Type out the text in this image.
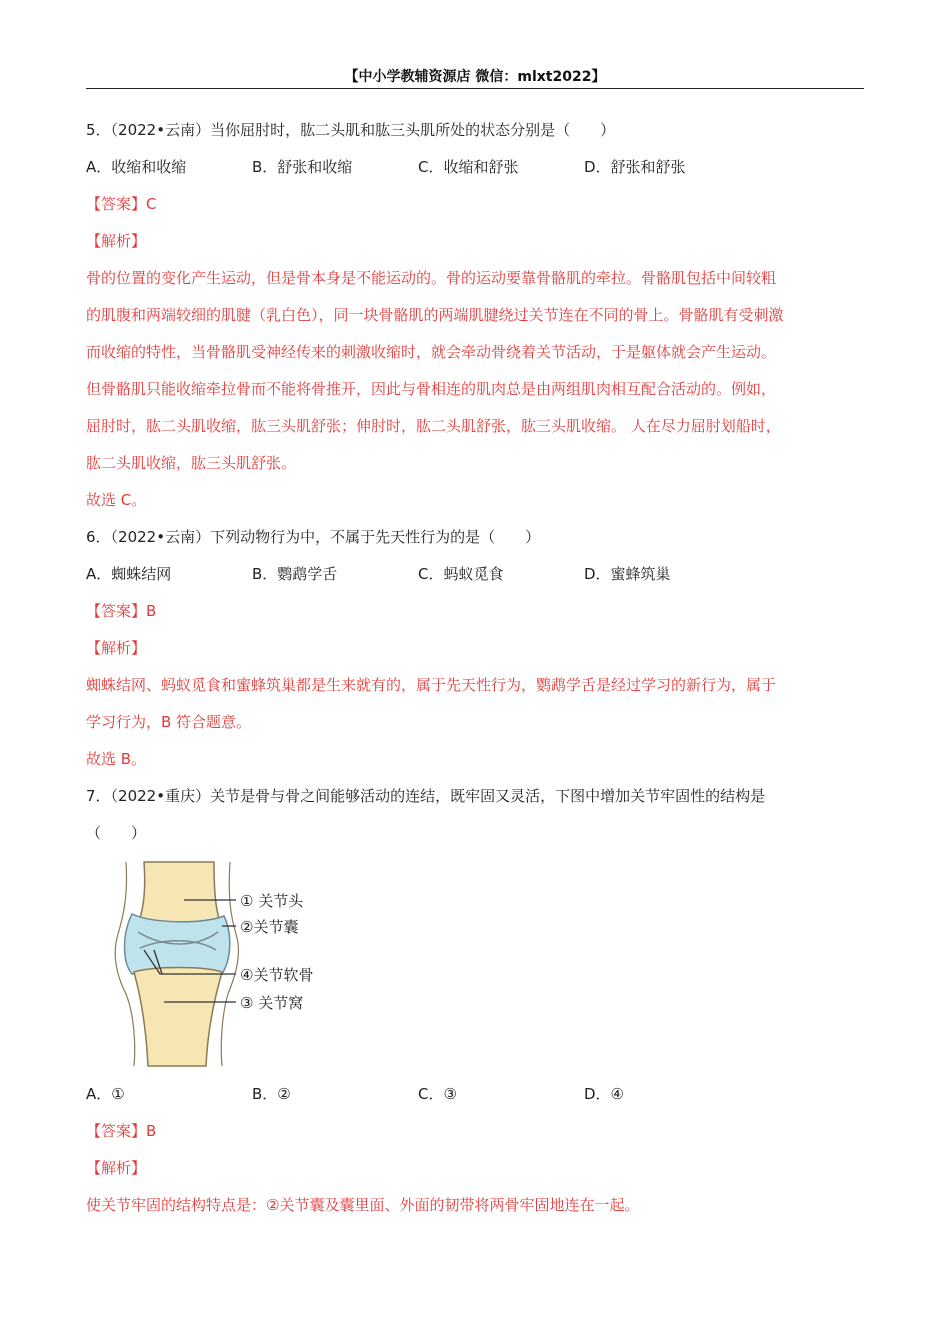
【中小学教辅资源店 微信：mlxt2022】
5．（2022•云南）当你屈肘时，肱二头肌和肱三头肌所处的状态分别是（　　）
A．收缩和收缩	B．舒张和收缩	C．收缩和舒张	D．舒张和舒张
【答案】C
【解析】
骨的位置的变化产生运动，但是骨本身是不能运动的。骨的运动要靠骨骼肌的牵拉。骨骼肌包括中间较粗
的肌腹和两端较细的肌腱（乳白色），同一块骨骼肌的两端肌腱绕过关节连在不同的骨上。骨骼肌有受刺激
而收缩的特性，当骨骼肌受神经传来的刺激收缩时，就会牵动骨绕着关节活动，于是躯体就会产生运动。
但骨骼肌只能收缩牵拉骨而不能将骨推开，因此与骨相连的肌肉总是由两组肌肉相互配合活动的。例如，
屈肘时，肱二头肌收缩，肱三头肌舒张；伸肘时，肱二头肌舒张，肱三头肌收缩。 人在尽力屈肘划船时，
肱二头肌收缩，肱三头肌舒张。
故选 C。
6．（2022•云南）下列动物行为中，不属于先天性行为的是（　　）
A．蜘蛛结网	B．鹦鹉学舌	C．蚂蚁觅食	D．蜜蜂筑巢
【答案】B
【解析】
蜘蛛结网、蚂蚁觅食和蜜蜂筑巢都是生来就有的，属于先天性行为，鹦鹉学舌是经过学习的新行为，属于
学习行为，B 符合题意。
故选 B。
7．（2022•重庆）关节是骨与骨之间能够活动的连结，既牢固又灵活，下图中增加关节牢固性的结构是
（　　）
① 关节头
②关节囊
④关节软骨
③ 关节窝
A．①	B．②	C．③	D．④
【答案】B
【解析】
使关节牢固的结构特点是：②关节囊及囊里面、外面的韧带将两骨牢固地连在一起。
